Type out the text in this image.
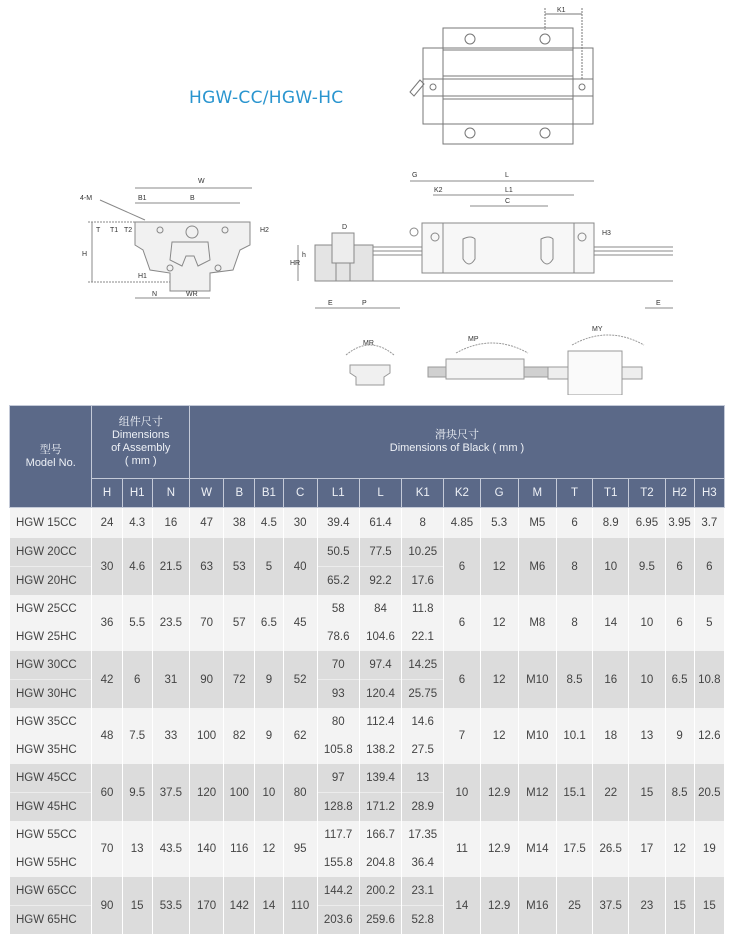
HGW-CC/HGW-HC
K1
W
4-M	B1	B
H
T T1 T2
H1
H2
N	WR
G	L
K2	L1
C
H3
HR
D
h
E	P	E
MR
MP
MY
型号
Model No.

组件尺寸
Dimensions
of Assembly
( mm )

滑块尺寸
Dimensions of Black ( mm )

	H	H1	N	W	B	B1	C	L1	L	K1	K2	G	M	T	T1	T2	H2	H3
HGW 15CC	24	4.3	16	47	38	4.5	30	39.4	61.4	8	4.85	5.3	M5	6	8.9	6.95	3.95	3.7
HGW 20CC	30	4.6	21.5	63	53	5	40	50.5	77.5	10.25	6	12	M6	8	10	9.5	6	6
HGW 20HC								65.2	92.2	17.6								
HGW 25CC	36	5.5	23.5	70	57	6.5	45	58	84	11.8	6	12	M8	8	14	10	6	5
HGW 25HC								78.6	104.6	22.1								
HGW 30CC	42	6	31	90	72	9	52	70	97.4	14.25	6	12	M10	8.5	16	10	6.5	10.8
HGW 30HC								93	120.4	25.75								
HGW 35CC	48	7.5	33	100	82	9	62	80	112.4	14.6	7	12	M10	10.1	18	13	9	12.6
HGW 35HC								105.8	138.2	27.5								
HGW 45CC	60	9.5	37.5	120	100	10	80	97	139.4	13	10	12.9	M12	15.1	22	15	8.5	20.5
HGW 45HC								128.8	171.2	28.9								
HGW 55CC	70	13	43.5	140	116	12	95	117.7	166.7	17.35	11	12.9	M14	17.5	26.5	17	12	19
HGW 55HC								155.8	204.8	36.4								
HGW 65CC	90	15	53.5	170	142	14	110	144.2	200.2	23.1	14	12.9	M16	25	37.5	23	15	15
HGW 65HC								203.6	259.6	52.8								
